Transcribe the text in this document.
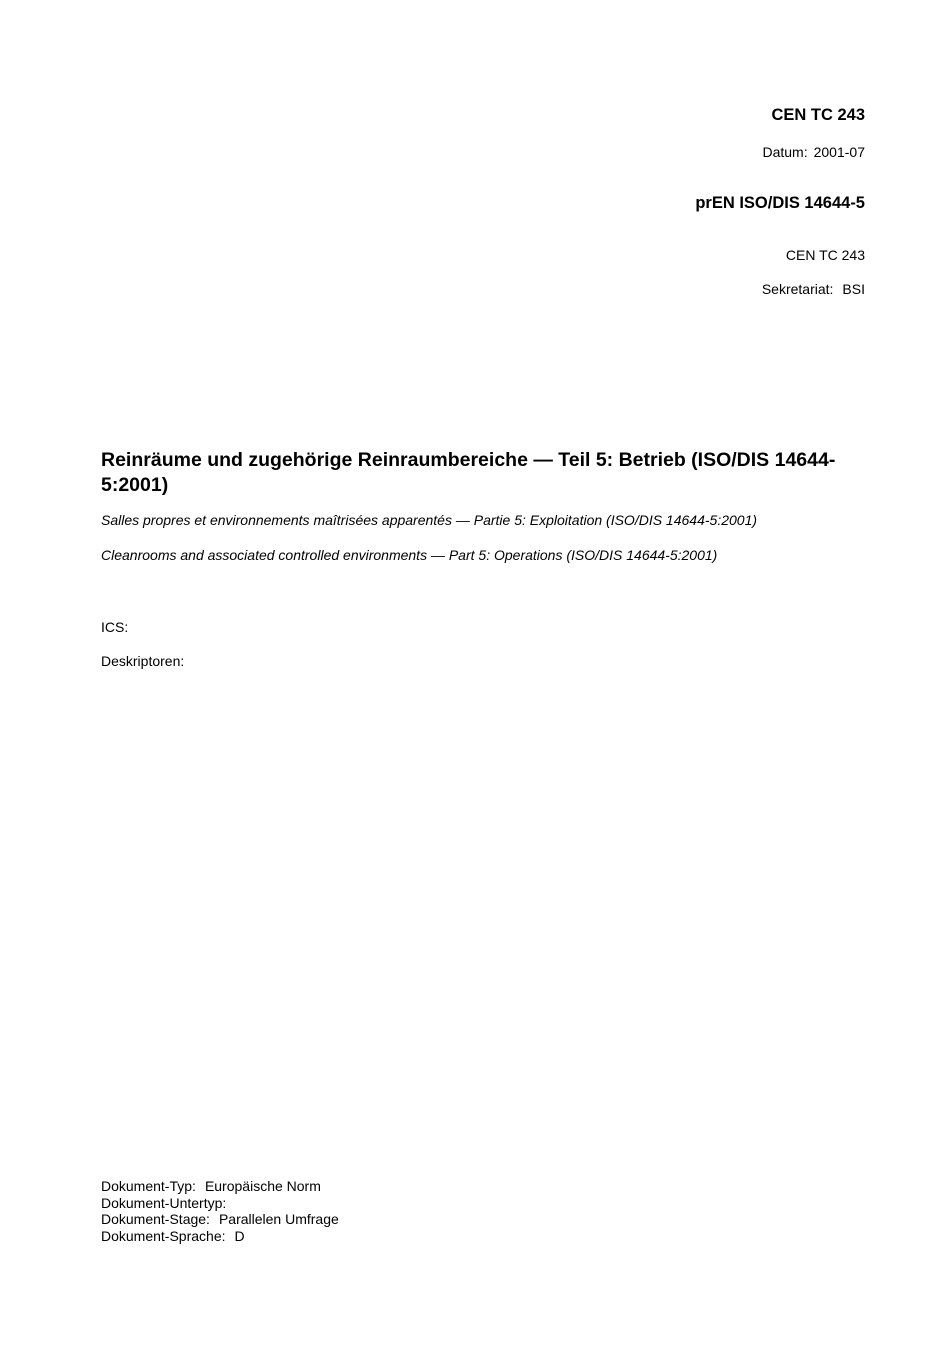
CEN TC 243
Datum: 2001-07
prEN ISO/DIS 14644-5
CEN TC 243
Sekretariat: BSI
Reinräume und zugehörige Reinraumbereiche — Teil 5: Betrieb (ISO/DIS 14644-5:2001)
Salles propres et environnements maîtrisées apparentés — Partie 5: Exploitation (ISO/DIS 14644-5:2001)
Cleanrooms and associated controlled environments — Part 5: Operations (ISO/DIS 14644-5:2001)
ICS:
Deskriptoren:
Dokument-Typ: Europäische Norm
Dokument-Untertyp:
Dokument-Stage: Parallelen Umfrage
Dokument-Sprache: D
